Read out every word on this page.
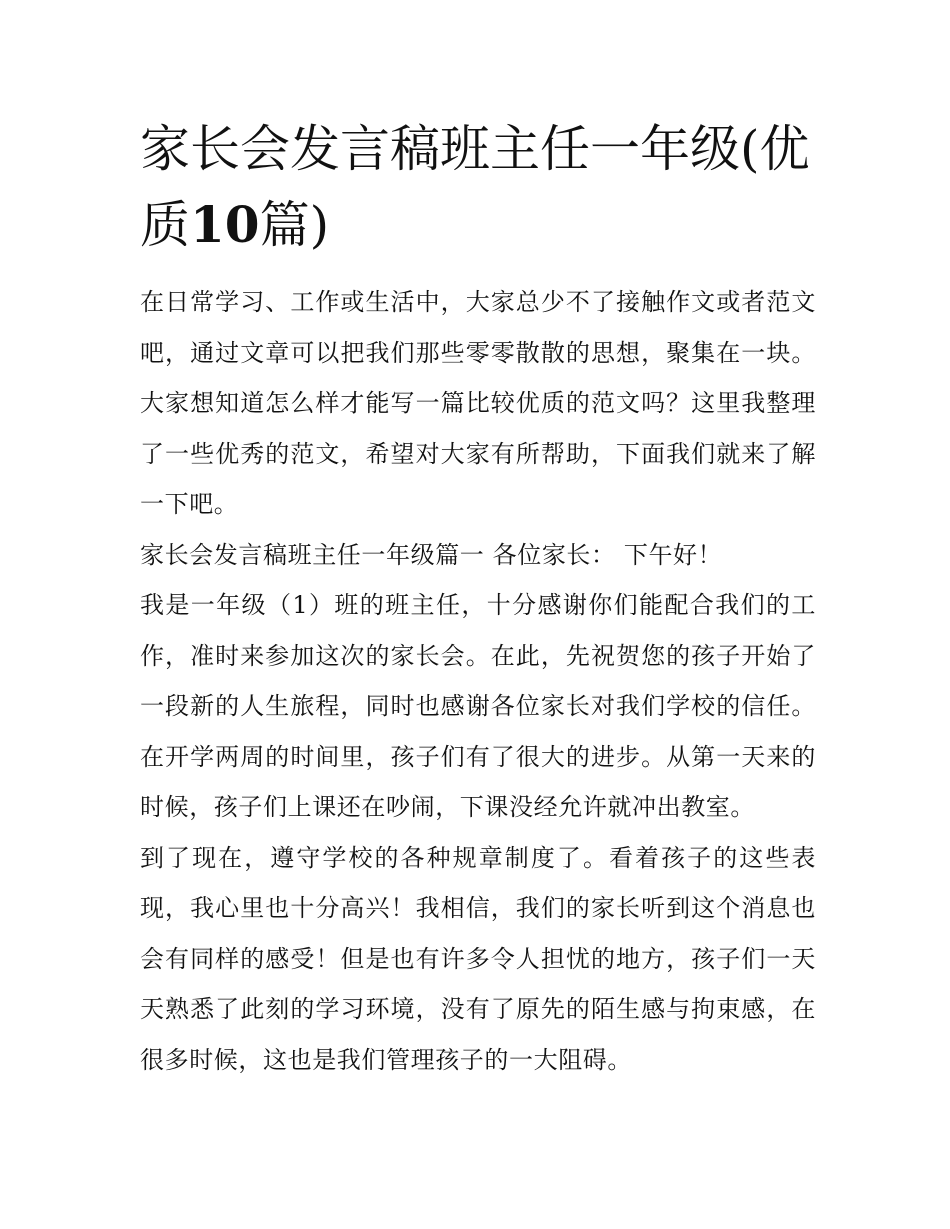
家长会发言稿班主任一年级(优质10篇)

在日常学习、工作或生活中，大家总少不了接触作文或者范文吧，通过文章可以把我们那些零零散散的思想，聚集在一块。大家想知道怎么样才能写一篇比较优质的范文吗？这里我整理了一些优秀的范文，希望对大家有所帮助，下面我们就来了解一下吧。

家长会发言稿班主任一年级篇一 各位家长： 下午好！

我是一年级（1）班的班主任，十分感谢你们能配合我们的工作，准时来参加这次的家长会。在此，先祝贺您的孩子开始了一段新的人生旅程，同时也感谢各位家长对我们学校的信任。在开学两周的时间里，孩子们有了很大的进步。从第一天来的时候，孩子们上课还在吵闹，下课没经允许就冲出教室。

到了现在，遵守学校的各种规章制度了。看着孩子的这些表现，我心里也十分高兴！我相信，我们的家长听到这个消息也会有同样的感受！但是也有许多令人担忧的地方，孩子们一天天熟悉了此刻的学习环境，没有了原先的陌生感与拘束感，在很多时候，这也是我们管理孩子的一大阻碍。
